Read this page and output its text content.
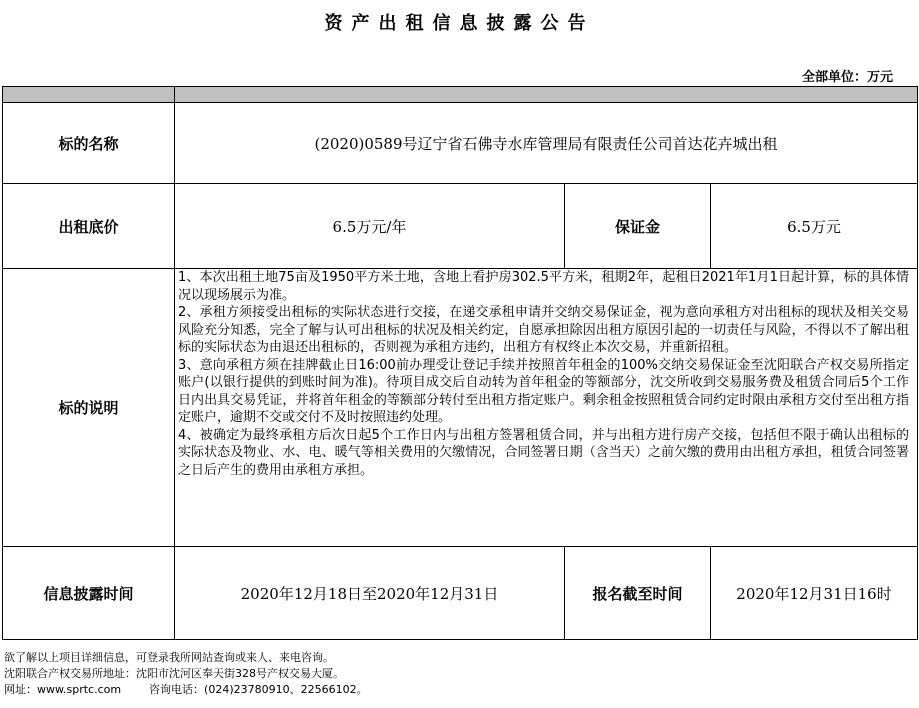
资产出租信息披露公告
全部单位：万元

标的名称	(2020)0589号辽宁省石佛寺水库管理局有限责任公司首达花卉城出租		
出租底价	6.5万元/年	保证金	6.5万元
标的说明	1、本次出租土地75亩及1950平方米土地，含地上看护房302.5平方米，租期2年，起租日2021年1月1日起计算，标的具体情况以现场展示为准。

2、承租方须接受出租标的实际状态进行交接，在递交承租申请并交纳交易保证金，视为意向承租方对出租标的现状及相关交易风险充分知悉，完全了解与认可出租标的状况及相关约定，自愿承担除因出租方原因引起的一切责任与风险，不得以不了解出租标的实际状态为由退还出租标的，否则视为承租方违约，出租方有权终止本次交易，并重新招租。

3、意向承租方须在挂牌截止日16:00前办理受让登记手续并按照首年租金的100%交纳交易保证金至沈阳联合产权交易所指定账户(以银行提供的到账时间为准)。待项目成交后自动转为首年租金的等额部分，沈交所收到交易服务费及租赁合同后5个工作日内出具交易凭证，并将首年租金的等额部分转付至出租方指定账户。剩余租金按照租赁合同约定时限由承租方交付至出租方指定账户，逾期不交或交付不及时按照违约处理。

4、被确定为最终承租方后次日起5个工作日内与出租方签署租赁合同，并与出租方进行房产交接，包括但不限于确认出租标的实际状态及物业、水、电、暖气等相关费用的欠缴情况，合同签署日期（含当天）之前欠缴的费用由出租方承担，租赁合同签署之日后产生的费用由承租方承担。		

信息披露时间	2020年12月18日至2020年12月31日	报名截至时间	2020年12月31日16时
欲了解以上项目详细信息，可登录我所网站查询或来人、来电咨询。
沈阳联合产权交易所地址：沈阳市沈河区奉天街328号产权交易大厦。
网址：www.sprtc.com        咨询电话：(024)23780910、22566102。
